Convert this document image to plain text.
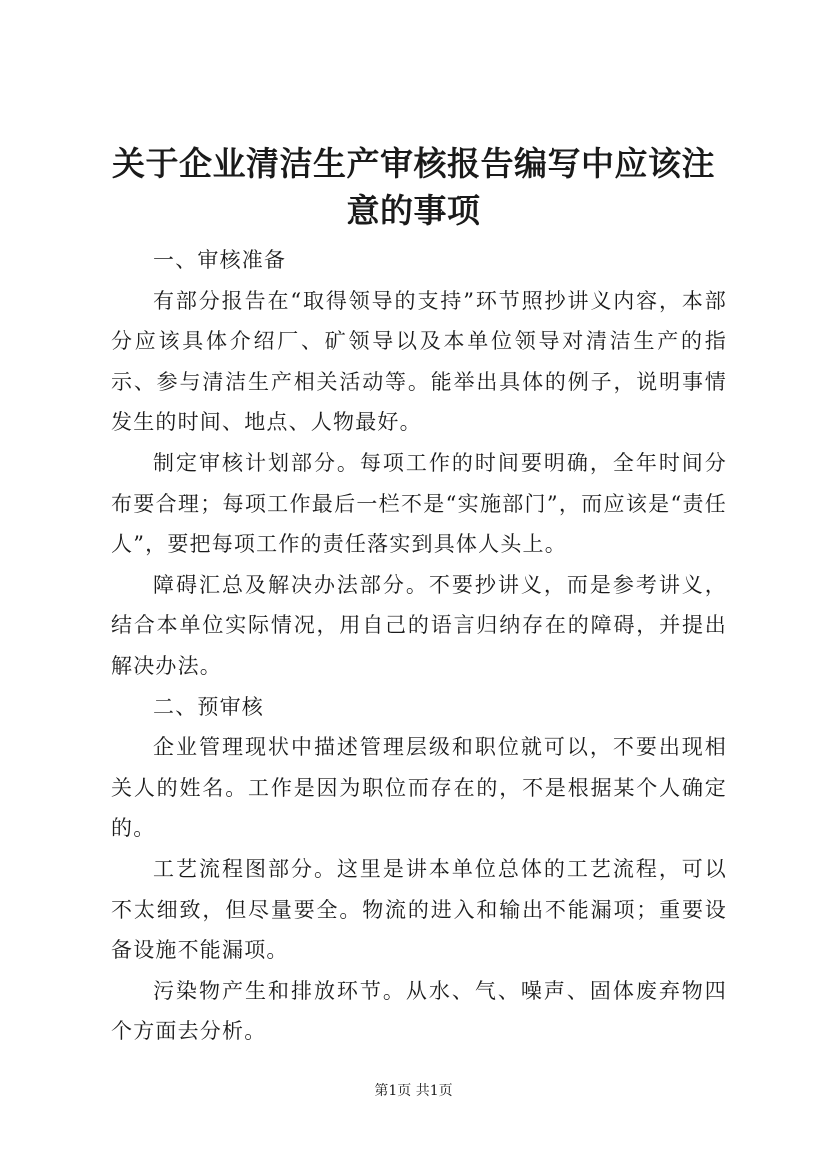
关于企业清洁生产审核报告编写中应该注意的事项

一、审核准备

有部分报告在“取得领导的支持”环节照抄讲义内容，本部分应该具体介绍厂、矿领导以及本单位领导对清洁生产的指示、参与清洁生产相关活动等。能举出具体的例子，说明事情发生的时间、地点、人物最好。

制定审核计划部分。每项工作的时间要明确，全年时间分布要合理；每项工作最后一栏不是“实施部门”，而应该是“责任人”，要把每项工作的责任落实到具体人头上。

障碍汇总及解决办法部分。不要抄讲义，而是参考讲义，结合本单位实际情况，用自己的语言归纳存在的障碍，并提出解决办法。

二、预审核

企业管理现状中描述管理层级和职位就可以，不要出现相关人的姓名。工作是因为职位而存在的，不是根据某个人确定的。

工艺流程图部分。这里是讲本单位总体的工艺流程，可以不太细致，但尽量要全。物流的进入和输出不能漏项；重要设备设施不能漏项。

污染物产生和排放环节。从水、气、噪声、固体废弃物四个方面去分析。

第1页 共1页
